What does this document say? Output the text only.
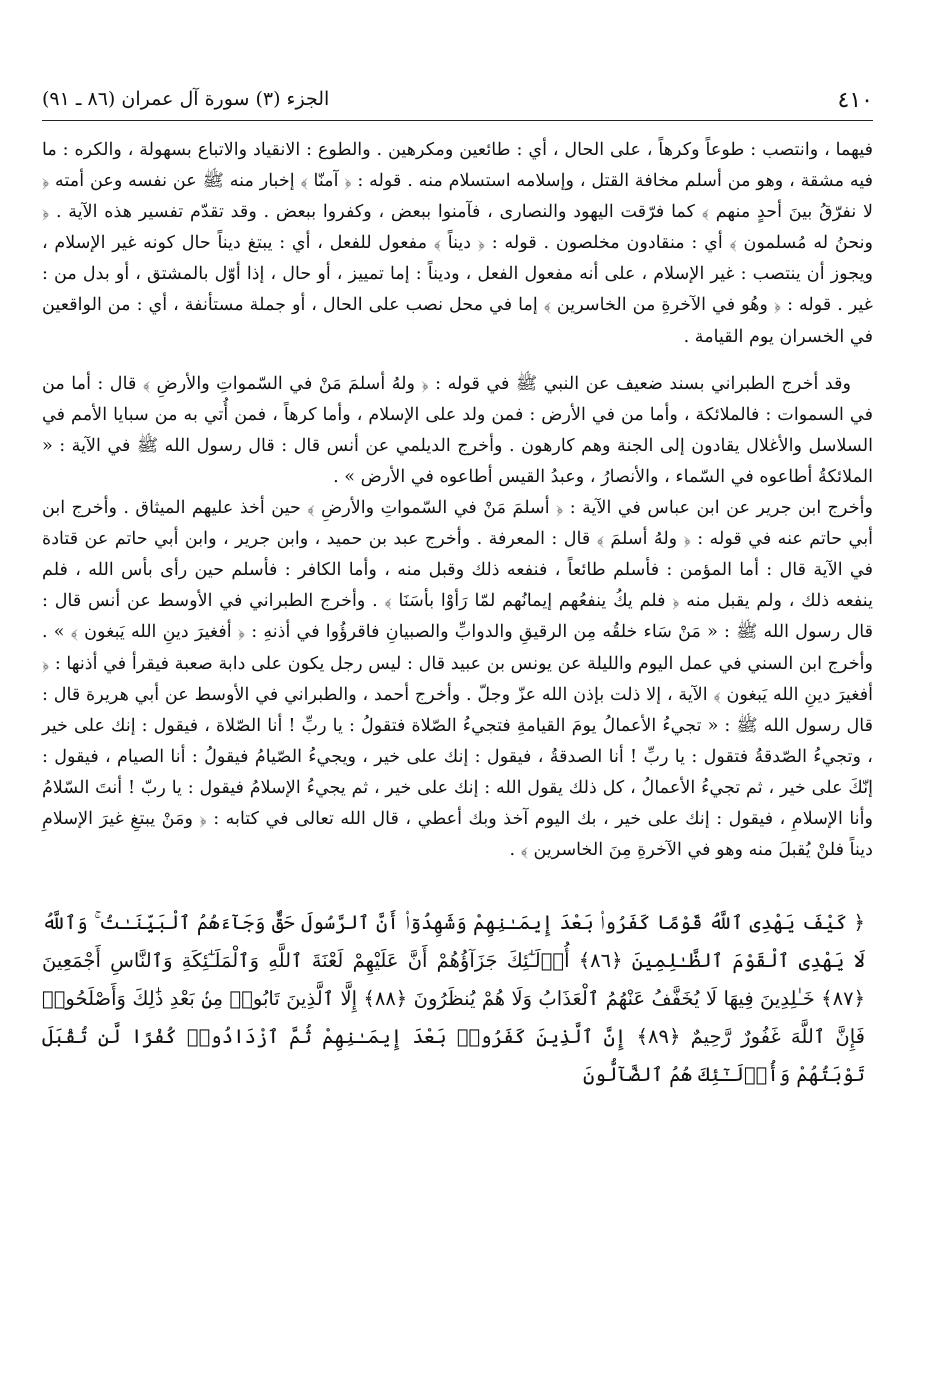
٤١٠
الجزء (٣) سورة آل عمران (٨٦ ـ ٩١)

فيهما ، وانتصب : طوعاً وكرهاً ، على الحال ، أي : طائعين ومكرهين . والطوع : الانقياد والاتباع بسهولة ، والكره : ما فيه مشقة ، وهو من أسلم مخافة القتل ، وإسلامه استسلام منه . قوله : ﴿ آمنّا ﴾ إخبار منه ﷺ عن نفسه وعن أمته ﴿ لا نفرّقُ بينَ أحدٍ منهم ﴾ كما فرّقت اليهود والنصارى ، فآمنوا ببعض ، وكفروا ببعض . وقد تقدّم تفسير هذه الآية . ﴿ ونحنُ له مُسلمون ﴾ أي : منقادون مخلصون . قوله : ﴿ ديناً ﴾ مفعول للفعل ، أي : يبتغ ديناً حال كونه غير الإسلام ، ويجوز أن ينتصب : غير الإسلام ، على أنه مفعول الفعل ، وديناً : إما تمييز ، أو حال ، إذا أوّل بالمشتق ، أو بدل من : غير . قوله : ﴿ وهُو في الآخرةِ من الخاسرين ﴾ إما في محل نصب على الحال ، أو جملة مستأنفة ، أي : من الواقعين في الخسران يوم القيامة .

وقد أخرج الطبراني بسند ضعيف عن النبي ﷺ في قوله : ﴿ ولهُ أسلمَ مَنْ في السّمواتِ والأرضِ ﴾ قال : أما من في السموات : فالملائكة ، وأما من في الأرض : فمن ولد على الإسلام ، وأما كرهاً ، فمن أُتي به من سبايا الأمم في السلاسل والأغلال يقادون إلى الجنة وهم كارهون . وأخرج الديلمي عن أنس قال : قال رسول الله ﷺ في الآية : « الملائكةُ أطاعوه في السّماء ، والأنصارُ ، وعبدُ القيس أطاعوه في الأرض » .

وأخرج ابن جرير عن ابن عباس في الآية : ﴿ أسلمَ مَنْ في السّمواتِ والأرضِ ﴾ حين أخذ عليهم الميثاق . وأخرج ابن أبي حاتم عنه في قوله : ﴿ ولهُ أسلمَ ﴾ قال : المعرفة . وأخرج عبد بن حميد ، وابن جرير ، وابن أبي حاتم عن قتادة في الآية قال : أما المؤمن : فأسلم طائعاً ، فنفعه ذلك وقبل منه ، وأما الكافر : فأسلم حين رأى بأس الله ، فلم ينفعه ذلك ، ولم يقبل منه ﴿ فلم يكُ ينفعُهم إيمانُهم لمّا رَأوْا بأسَنَا ﴾ . وأخرج الطبراني في الأوسط عن أنس قال : قال رسول الله ﷺ : « مَنْ سَاء خلقُه مِن الرقيقِ والدوابِّ والصبيانِ فاقرؤُوا في أذنهِ : ﴿ أفغيرَ دينِ الله يَبغون ﴾ » . وأخرج ابن السني في عمل اليوم والليلة عن يونس بن عبيد قال : ليس رجل يكون على دابة صعبة فيقرأ في أذنها : ﴿ أفغيرَ دينِ الله يَبغون ﴾ الآية ، إلا ذلت بإذن الله عزّ وجلّ . وأخرج أحمد ، والطبراني في الأوسط عن أبي هريرة قال : قال رسول الله ﷺ : « تجيءُ الأعمالُ يومَ القيامةِ فتجيءُ الصّلاة فتقولُ : يا ربِّ ! أنا الصّلاة ، فيقول : إنك على خير ، وتجيءُ الصّدقةُ فتقول : يا ربِّ ! أنا الصدقةُ ، فيقول : إنك على خير ، ويجيءُ الصّيامُ فيقولُ : أنا الصيام ، فيقول : إنّكَ على خير ، ثم تجيءُ الأعمالُ ، كل ذلك يقول الله : إنك على خير ، ثم يجيءُ الإسلامُ فيقول : يا ربّ ! أنتَ السّلامُ وأنا الإسلامِ ، فيقول : إنك على خير ، بك اليوم آخذ وبك أعطي ، قال الله تعالى في كتابه : ﴿ ومَنْ يبتغِ غيرَ الإسلامِ ديناً فلنْ يُقبلَ منه وهو في الآخرةِ مِنَ الخاسرين ﴾ .

﴿ كَيْفَ يَهْدِى ٱللَّهُ قَوْمًا كَفَرُوا۟ بَعْدَ إِيمَـٰنِهِمْ وَشَهِدُوٓا۟ أَنَّ ٱلرَّسُولَ حَقٌّ وَجَآءَهُمُ ٱلْبَيِّنَـٰتُ ۚ وَٱللَّهُ لَا يَهْدِى ٱلْقَوْمَ ٱلظَّـٰلِمِينَ ﴿٨٦﴾ أُو۟لَـٰٓئِكَ جَزَآؤُهُمْ أَنَّ عَلَيْهِمْ لَعْنَةَ ٱللَّهِ وَٱلْمَلَـٰٓئِكَةِ وَٱلنَّاسِ أَجْمَعِينَ ﴿٨٧﴾ خَـٰلِدِينَ فِيهَا لَا يُخَفَّفُ عَنْهُمُ ٱلْعَذَابُ وَلَا هُمْ يُنظَرُونَ ﴿٨٨﴾ إِلَّا ٱلَّذِينَ تَابُوا۟ مِنۢ بَعْدِ ذَٰلِكَ وَأَصْلَحُوا۟ فَإِنَّ ٱللَّهَ غَفُورٌ رَّحِيمٌ ﴿٨٩﴾ إِنَّ ٱلَّذِينَ كَفَرُوا۟ بَعْدَ إِيمَـٰنِهِمْ ثُمَّ ٱزْدَادُوا۟ كُفْرًا لَّن تُقْبَلَ تَوْبَتُهُمْ وَأُو۟لَـٰٓئِكَ هُمُ ٱلضَّآلُّونَ
